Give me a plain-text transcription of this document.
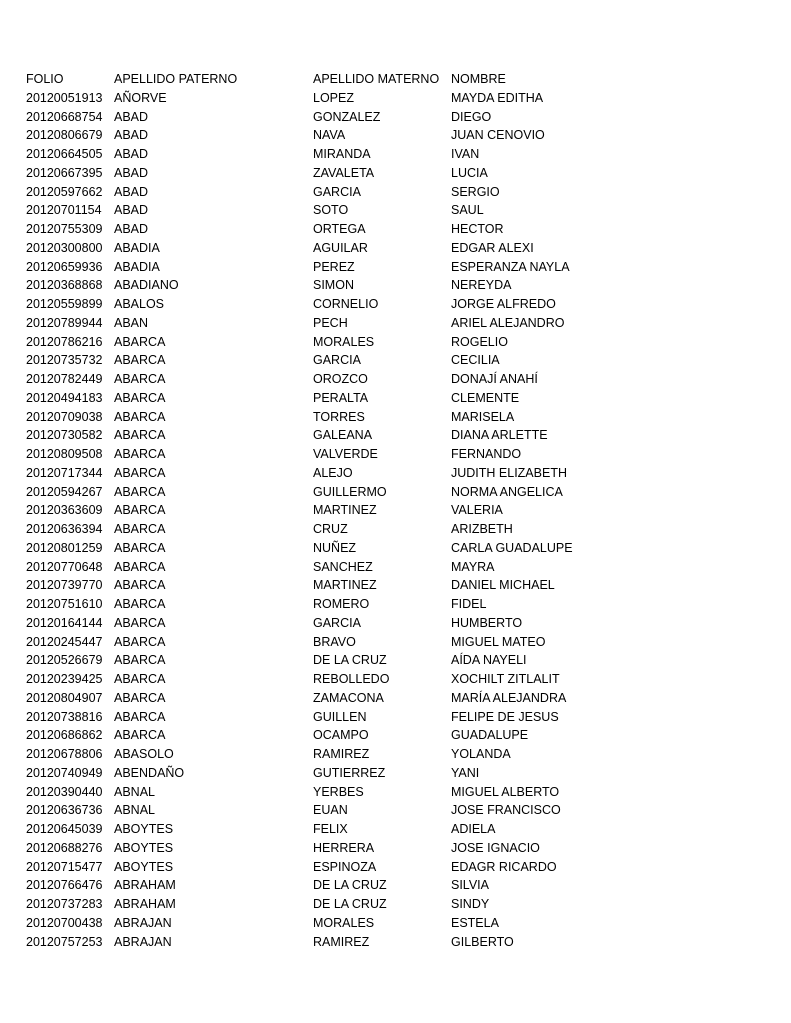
FOLIO	APELLIDO PATERNO	APELLIDO MATERNO	NOMBRE
20120051913	AÑORVE	LOPEZ	MAYDA EDITHA
20120668754	ABAD	GONZALEZ	DIEGO
20120806679	ABAD	NAVA	JUAN CENOVIO
20120664505	ABAD	MIRANDA	IVAN
20120667395	ABAD	ZAVALETA	LUCIA
20120597662	ABAD	GARCIA	SERGIO
20120701154	ABAD	SOTO	SAUL
20120755309	ABAD	ORTEGA	HECTOR
20120300800	ABADIA	AGUILAR	EDGAR ALEXI
20120659936	ABADIA	PEREZ	ESPERANZA NAYLA
20120368868	ABADIANO	SIMON	NEREYDA
20120559899	ABALOS	CORNELIO	JORGE ALFREDO
20120789944	ABAN	PECH	ARIEL ALEJANDRO
20120786216	ABARCA	MORALES	ROGELIO
20120735732	ABARCA	GARCIA	CECILIA
20120782449	ABARCA	OROZCO	DONAJÍ ANAHÍ
20120494183	ABARCA	PERALTA	CLEMENTE
20120709038	ABARCA	TORRES	MARISELA
20120730582	ABARCA	GALEANA	DIANA ARLETTE
20120809508	ABARCA	VALVERDE	FERNANDO
20120717344	ABARCA	ALEJO	JUDITH ELIZABETH
20120594267	ABARCA	GUILLERMO	NORMA ANGELICA
20120363609	ABARCA	MARTINEZ	VALERIA
20120636394	ABARCA	CRUZ	ARIZBETH
20120801259	ABARCA	NUÑEZ	CARLA GUADALUPE
20120770648	ABARCA	SANCHEZ	MAYRA
20120739770	ABARCA	MARTINEZ	DANIEL MICHAEL
20120751610	ABARCA	ROMERO	FIDEL
20120164144	ABARCA	GARCIA	HUMBERTO
20120245447	ABARCA	BRAVO	MIGUEL MATEO
20120526679	ABARCA	DE LA CRUZ	AÍDA NAYELI
20120239425	ABARCA	REBOLLEDO	XOCHILT ZITLALIT
20120804907	ABARCA	ZAMACONA	MARÍA ALEJANDRA
20120738816	ABARCA	GUILLEN	FELIPE DE JESUS
20120686862	ABARCA	OCAMPO	GUADALUPE
20120678806	ABASOLO	RAMIREZ	YOLANDA
20120740949	ABENDAÑO	GUTIERREZ	YANI
20120390440	ABNAL	YERBES	MIGUEL ALBERTO
20120636736	ABNAL	EUAN	JOSE FRANCISCO
20120645039	ABOYTES	FELIX	ADIELA
20120688276	ABOYTES	HERRERA	JOSE IGNACIO
20120715477	ABOYTES	ESPINOZA	EDAGR RICARDO
20120766476	ABRAHAM	DE LA CRUZ	SILVIA
20120737283	ABRAHAM	DE LA CRUZ	SINDY
20120700438	ABRAJAN	MORALES	ESTELA
20120757253	ABRAJAN	RAMIREZ	GILBERTO
